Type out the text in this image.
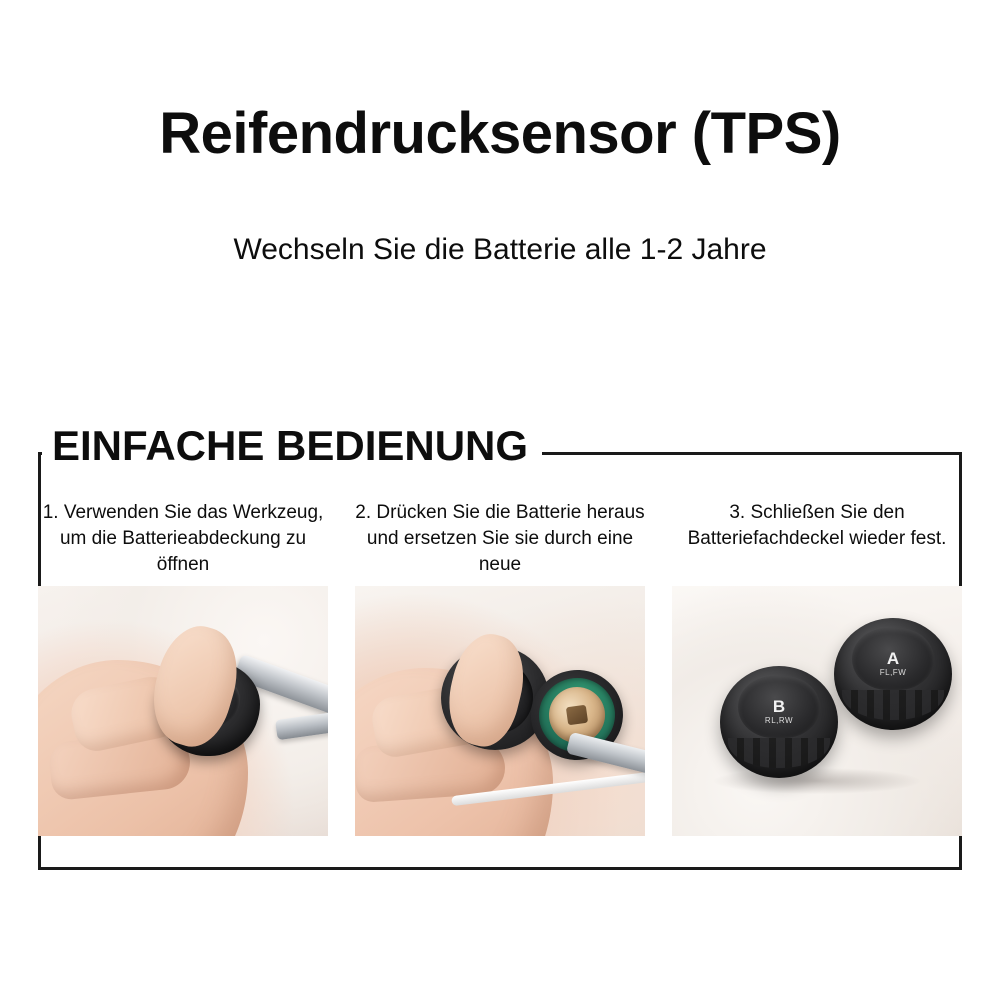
Reifendrucksensor (TPS)
Wechseln Sie die Batterie alle 1-2 Jahre
EINFACHE BEDIENUNG
1. Verwenden Sie das Werkzeug, um die Batterieabdeckung zu öffnen
2. Drücken Sie die Batterie heraus und ersetzen Sie sie durch eine neue
3. Schließen Sie den Batteriefachdeckel wieder fest.
A
FL,FW
B
RL,RW
